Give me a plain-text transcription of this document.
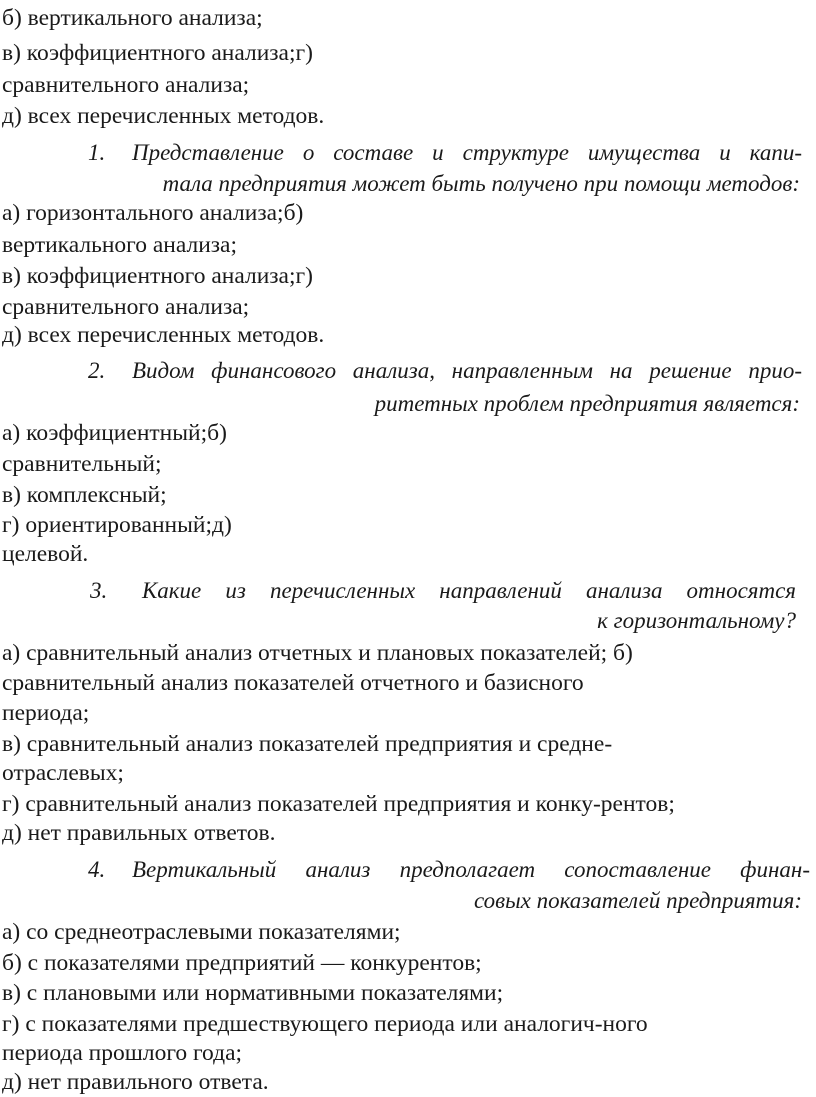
б) вертикального анализа;

в) коэффициентного анализа;г)

сравнительного анализа;

д) всех перечисленных методов.

1. Представление о составе и структуре имущества и капи-

тала предприятия может быть получено при помощи методов:

а) горизонтального анализа;б)

вертикального анализа;

в) коэффициентного анализа;г)

сравнительного анализа;

д) всех перечисленных методов.

2. Видом финансового анализа, направленным на решение прио-

ритетных проблем предприятия является:

а) коэффициентный;б)

сравнительный;

в) комплексный;

г) ориентированный;д)

целевой.

3. Какие из перечисленных направлений анализа относятся

к горизонтальному?

а) сравнительный анализ отчетных и плановых показателей; б)

сравнительный анализ показателей отчетного и базисного

периода;

в) сравнительный анализ показателей предприятия и средне-

отраслевых;

г) сравнительный анализ показателей предприятия и конку-рентов;

д) нет правильных ответов.

4. Вертикальный анализ предполагает сопоставление финан-

совых показателей предприятия:

а) со среднеотраслевыми показателями;

б) с показателями предприятий — конкурентов;

в) с плановыми или нормативными показателями;

г) с показателями предшествующего периода или аналогич-ного

периода прошлого года;

д) нет правильного ответа.
